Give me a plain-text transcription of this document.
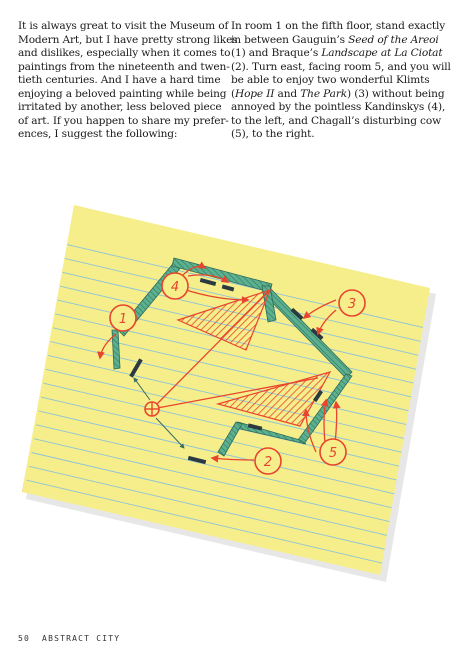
It is always great to visit the Museum of
Modern Art, but I have pretty strong likes
and dislikes, especially when it comes to
paintings from the nineteenth and twen-
tieth centuries. And I have a hard time
enjoying a beloved painting while being
irritated by another, less beloved piece
of art. If you happen to share my prefer-
ences, I suggest the following:
In room 1 on the fifth floor, stand exactly
in between Gauguin’s Seed of the Areoi
(1) and Braque’s Landscape at La Ciotat
(2). Turn east, facing room 5, and you will
be able to enjoy two wonderful Klimts
(Hope II and The Park) (3) without being
annoyed by the pointless Kandinskys (4),
to the left, and Chagall’s disturbing cow
(5), to the right.
1
4
3
5
2
50 ABSTRACT CITY
